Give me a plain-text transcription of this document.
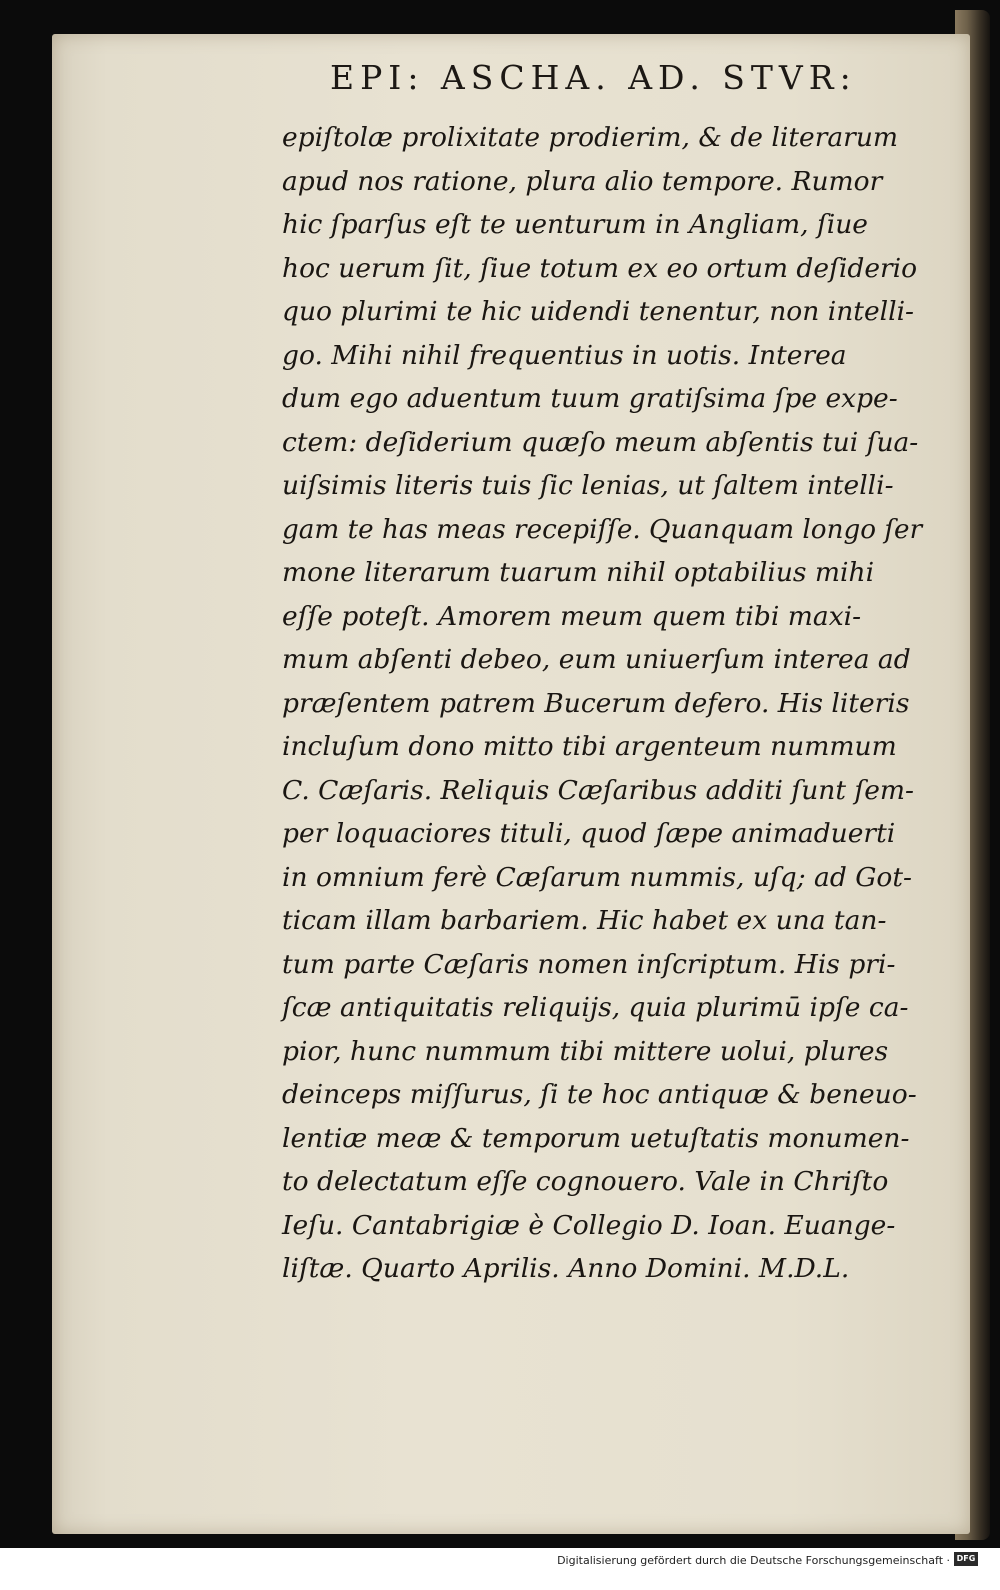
EPI: ASCHA. AD. STVR:
epiſtolæ prolixitate prodierim, & de literarum
apud nos ratione, plura alio tempore. Rumor
hic ſparſus eſt te uenturum in Angliam, ſiue
hoc uerum ſit, ſiue totum ex eo ortum deſiderio
quo plurimi te hic uidendi tenentur, non intelli-
go. Mihi nihil frequentius in uotis. Interea
dum ego aduentum tuum gratiſsima ſpe expe-
ctem: deſiderium quæſo meum abſentis tui ſua-
uiſsimis literis tuis ſic lenias, ut ſaltem intelli-
gam te has meas recepiſſe. Quanquam longo ſer
mone literarum tuarum nihil optabilius mihi
eſſe poteſt. Amorem meum quem tibi maxi-
mum abſenti debeo, eum uniuerſum interea ad
præſentem patrem Bucerum defero. His literis
incluſum dono mitto tibi argenteum nummum
C. Cæſaris. Reliquis Cæſaribus additi ſunt ſem-
per loquaciores tituli, quod ſæpe animaduerti
in omnium ferè Cæſarum nummis, uſq; ad Got-
ticam illam barbariem. Hic habet ex una tan-
tum parte Cæſaris nomen inſcriptum. His pri-
ſcæ antiquitatis reliquijs, quia plurimū ipſe ca-
pior, hunc nummum tibi mittere uolui, plures
deinceps miſſurus, ſi te hoc antiquæ & beneuo-
lentiæ meæ & temporum uetuſtatis monumen-
to delectatum eſſe cognouero. Vale in Chriſto
Ieſu. Cantabrigiæ è Collegio D. Ioan. Euange-
liſtæ. Quarto Aprilis. Anno Domini. M.D.L.
Digitalisierung gefördert durch die Deutsche Forschungsgemeinschaft · DFG
